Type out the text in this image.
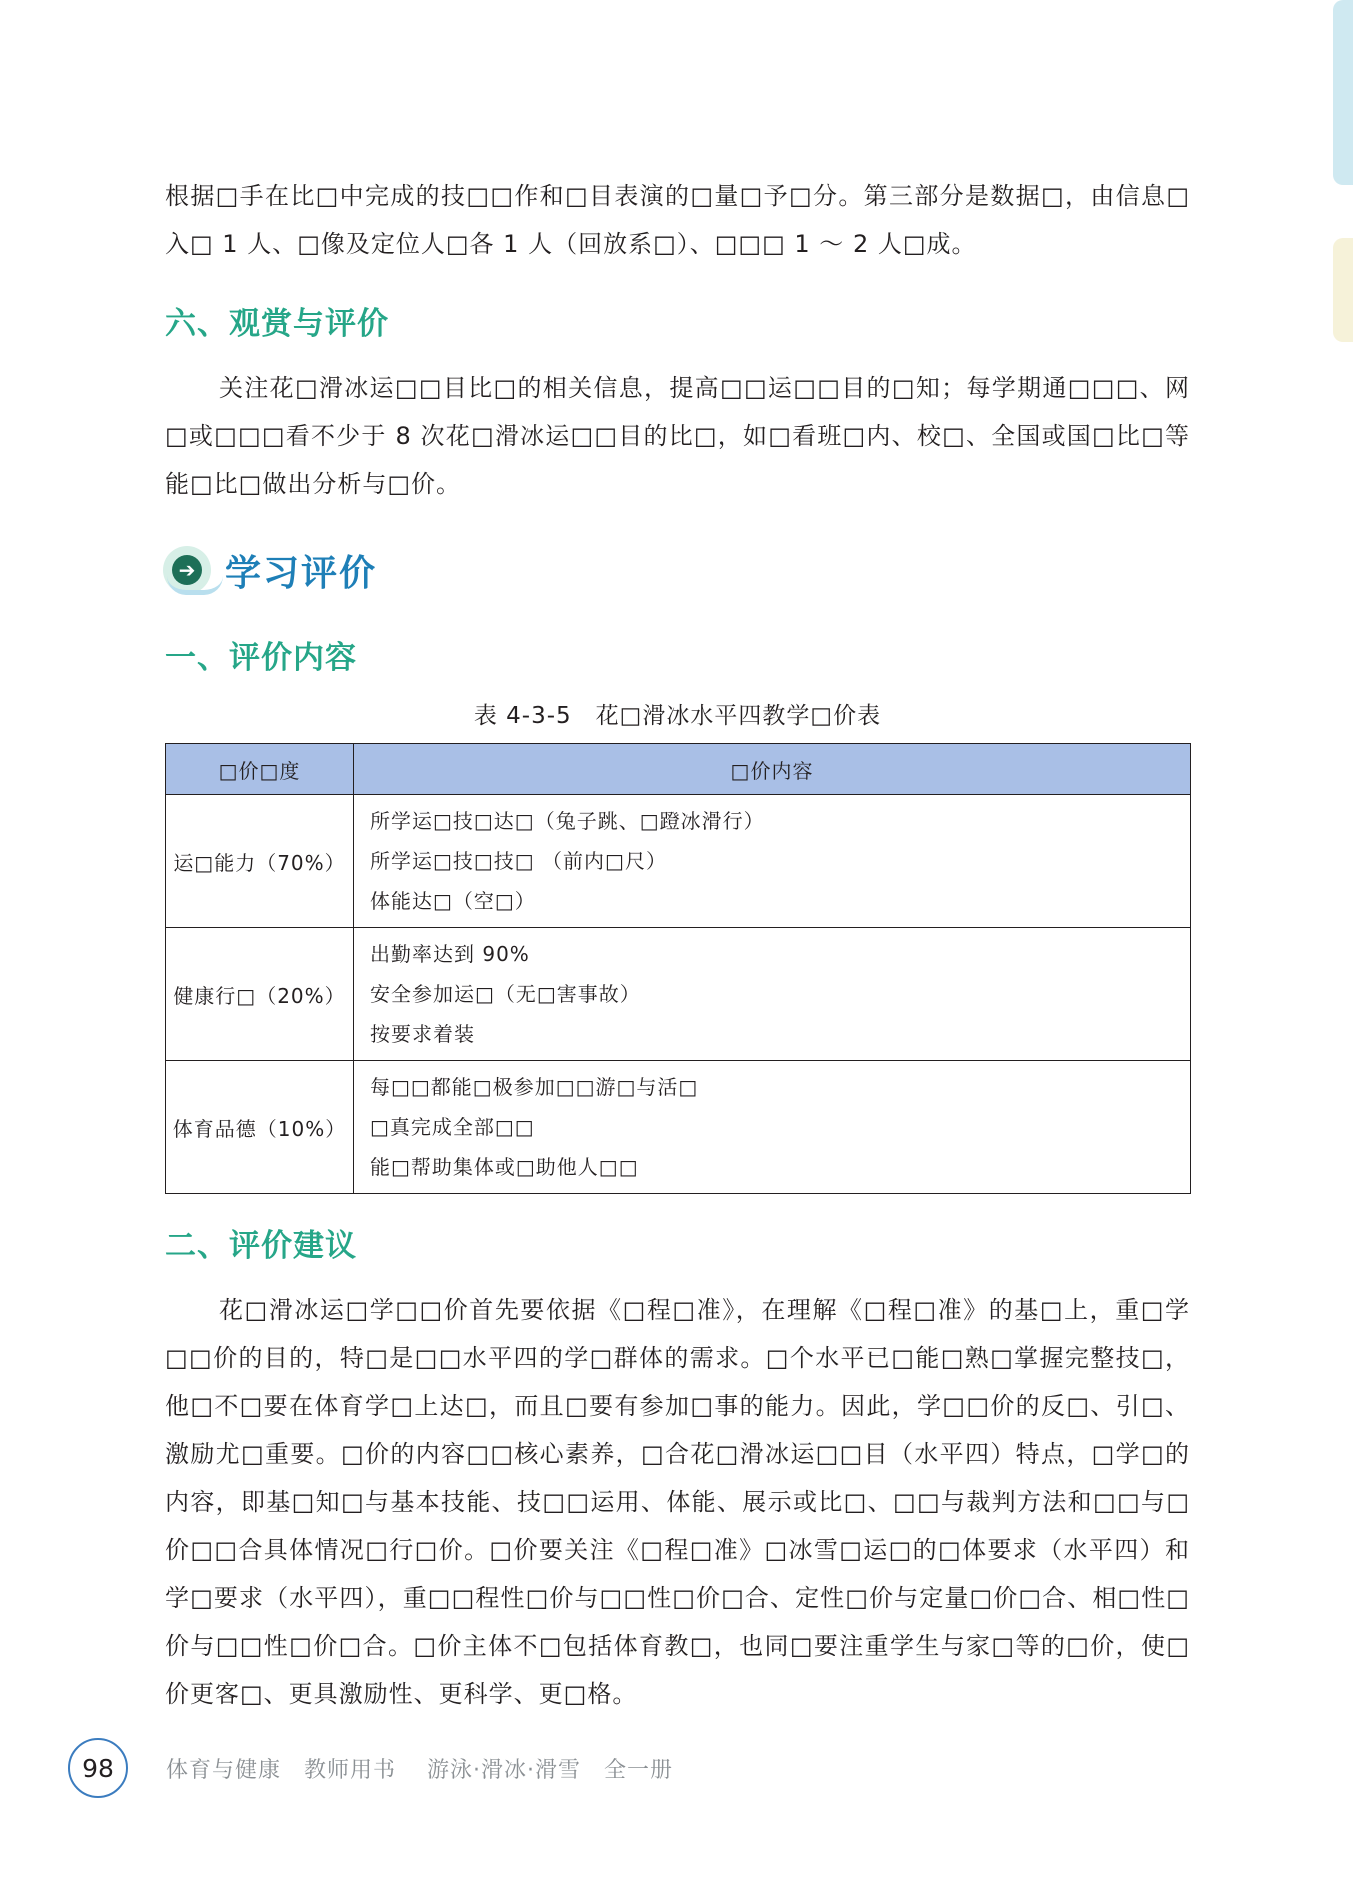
根据□手在比□中完成的技□□作和□目表演的□量□予□分。第三部分是数据□，由信息□入□ 1 人、□像及定位人□各 1 人（回放系□）、□□□ 1 ～ 2 人□成。

六、观赏与评价

关注花□滑冰运□□目比□的相关信息，提高□□运□□目的□知；每学期通□□□、网□或□□□看不少于 8 次花□滑冰运□□目的比□，如□看班□内、校□、全国或国□比□等能□比□做出分析与□价。

➔ 学习评价
一、评价内容

表 4-3-5　花□滑冰水平四教学□价表

□价□度	□价内容
运□能力（70%）	所学运□技□达□（兔子跳、□蹬冰滑行）
所学运□技□技□ （前内□尺）
体能达□（空□）

健康行□（20%）	出勤率达到 90%
安全参加运□（无□害事故）
按要求着装

体育品德（10%）	每□□都能□极参加□□游□与活□
□真完成全部□□
能□帮助集体或□助他人□□
二、评价建议

花□滑冰运□学□□价首先要依据《□程□准》，在理解《□程□准》的基□上，重□学□□价的目的，特□是□□水平四的学□群体的需求。□个水平已□能□熟□掌握完整技□，他□不□要在体育学□上达□，而且□要有参加□事的能力。因此，学□□价的反□、引□、激励尤□重要。□价的内容□□核心素养，□合花□滑冰运□□目（水平四）特点，□学□的内容，即基□知□与基本技能、技□□运用、体能、展示或比□、□□与裁判方法和□□与□价□□合具体情况□行□价。□价要关注《□程□准》□冰雪□运□的□体要求（水平四）和学□要求（水平四），重□□程性□价与□□性□价□合、定性□价与定量□价□合、相□性□价与□□性□价□合。□价主体不□包括体育教□，也同□要注重学生与家□等的□价，使□价更客□、更具激励性、更科学、更□格。

98	体育与健康　教师用书　 游泳·滑冰·滑雪　全一册
